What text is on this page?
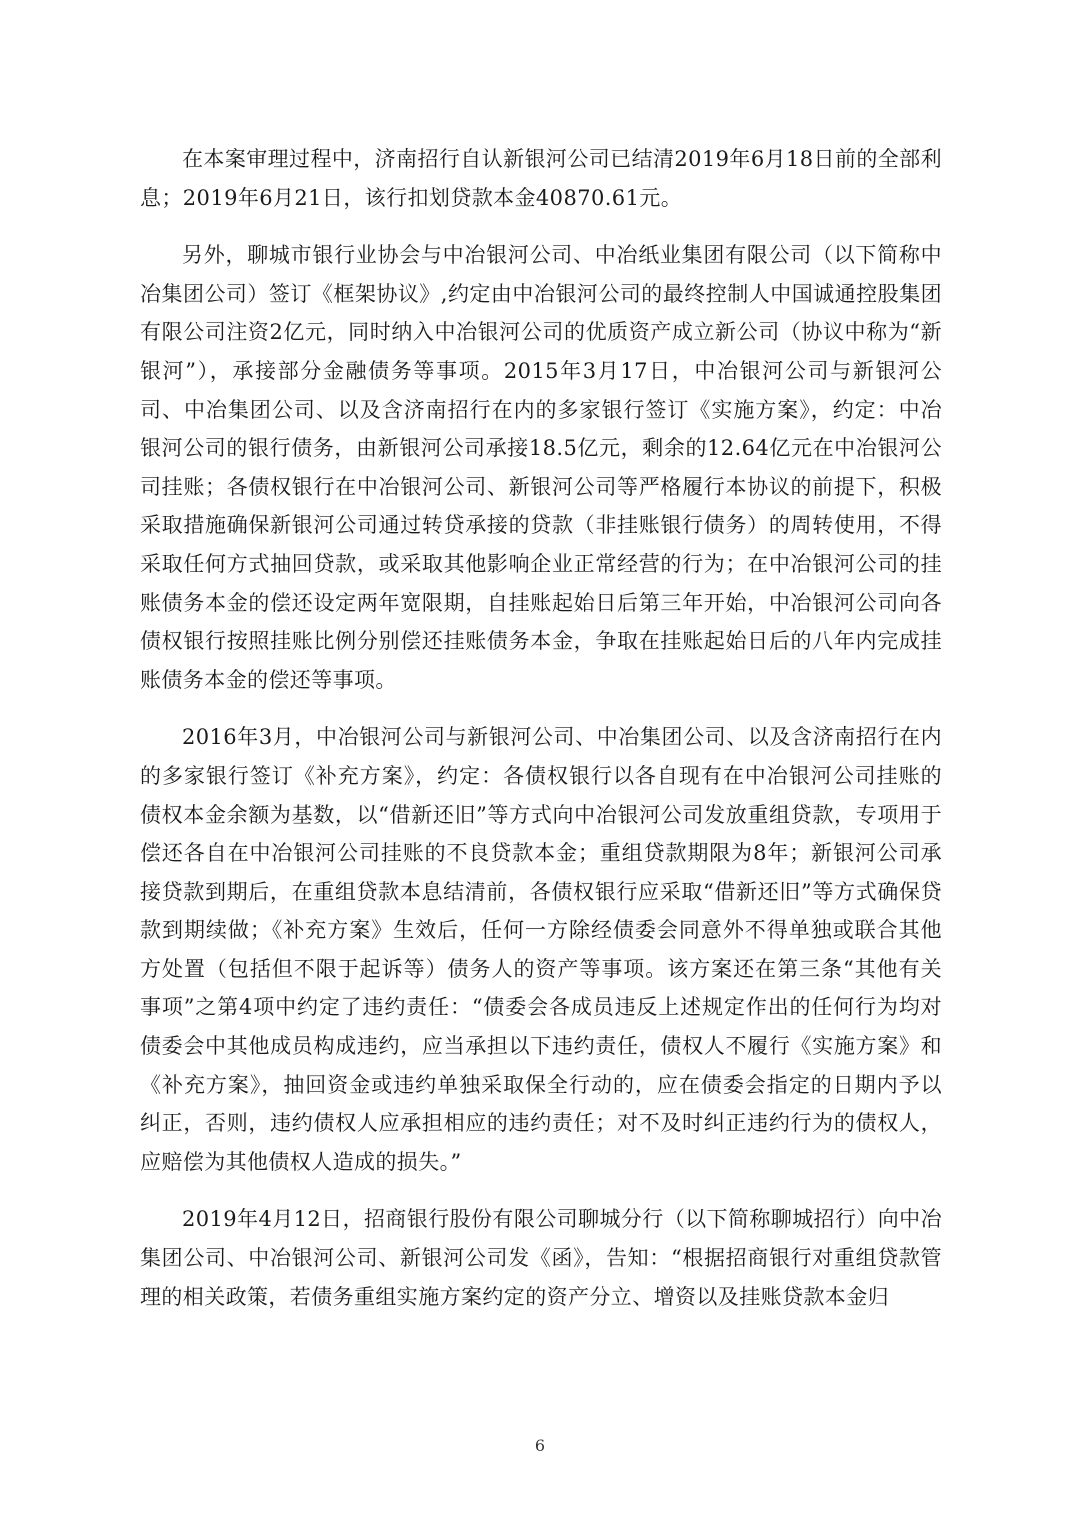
在本案审理过程中，济南招行自认新银河公司已结清2019年6月18日前的全部利息；2019年6月21日，该行扣划贷款本金40870.61元。

另外，聊城市银行业协会与中冶银河公司、中冶纸业集团有限公司（以下简称中冶集团公司）签订《框架协议》,约定由中冶银河公司的最终控制人中国诚通控股集团有限公司注资2亿元，同时纳入中冶银河公司的优质资产成立新公司（协议中称为“新银河”），承接部分金融债务等事项。2015年3月17日，中冶银河公司与新银河公司、中冶集团公司、以及含济南招行在内的多家银行签订《实施方案》，约定：中冶银河公司的银行债务，由新银河公司承接18.5亿元，剩余的12.64亿元在中冶银河公司挂账；各债权银行在中冶银河公司、新银河公司等严格履行本协议的前提下，积极采取措施确保新银河公司通过转贷承接的贷款（非挂账银行债务）的周转使用，不得采取任何方式抽回贷款，或采取其他影响企业正常经营的行为；在中冶银河公司的挂账债务本金的偿还设定两年宽限期，自挂账起始日后第三年开始，中冶银河公司向各债权银行按照挂账比例分别偿还挂账债务本金，争取在挂账起始日后的八年内完成挂账债务本金的偿还等事项。

2016年3月，中冶银河公司与新银河公司、中冶集团公司、以及含济南招行在内的多家银行签订《补充方案》，约定：各债权银行以各自现有在中冶银河公司挂账的债权本金余额为基数，以“借新还旧”等方式向中冶银河公司发放重组贷款，专项用于偿还各自在中冶银河公司挂账的不良贷款本金；重组贷款期限为8年；新银河公司承接贷款到期后，在重组贷款本息结清前，各债权银行应采取“借新还旧”等方式确保贷款到期续做；《补充方案》生效后，任何一方除经债委会同意外不得单独或联合其他方处置（包括但不限于起诉等）债务人的资产等事项。该方案还在第三条“其他有关事项”之第4项中约定了违约责任：“债委会各成员违反上述规定作出的任何行为均对债委会中其他成员构成违约，应当承担以下违约责任，债权人不履行《实施方案》和《补充方案》，抽回资金或违约单独采取保全行动的，应在债委会指定的日期内予以纠正，否则，违约债权人应承担相应的违约责任；对不及时纠正违约行为的债权人，应赔偿为其他债权人造成的损失。”

2019年4月12日，招商银行股份有限公司聊城分行（以下简称聊城招行）向中冶集团公司、中冶银河公司、新银河公司发《函》，告知：“根据招商银行对重组贷款管理的相关政策，若债务重组实施方案约定的资产分立、增资以及挂账贷款本金归

6
